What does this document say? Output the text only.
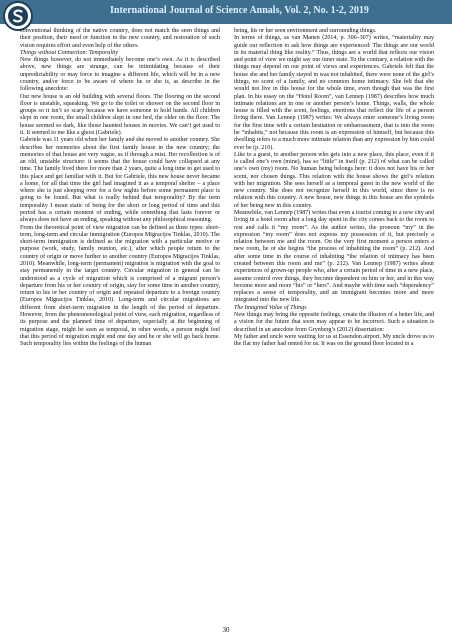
International Journal of Science Annals, Vol. 2, No. 1-2, 2019

conventional thinking of the native country, does not match the seen things and their position, their need or function in the new country, and restoration of such vision requires effort and even help of the others.

Things without Connection: Temporality

New things however, do not immediately become one’s own. As it is described above, new things are strange, can be intimidating because of their unpredictability or may force to imagine a different life, which will be in a new country, and/or force to be aware of where he or she is, as describe in the following anecdote:

Our new house is an old building with several floors. The flooring on the second floor is unstable, squeaking. We go to the toilet or shower on the second floor in groups so it isn’t so scary because we have someone to hold hands. All children slept in one room, the small children slept in one bed, the older on the floor. The house seemed so dark, like those haunted houses in movies. We can’t get used to it. It seemed to me like a ghost (Gabriele).

Gabriele was 11 years old when her family and she moved to another country. She describes her memories about the first family house in the new country; the memories of that house are very vague, as if through a mist. Her recollection is of an old, unstable structure: it seems that the house could have collapsed at any time. The family lived there for more than 2 years, quite a long time to get used to this place and get familiar with it. But for Gabriele, this new house never became a home, for all that time the girl had imagined it as a temporal shelter – a place where she is just sleeping over for a few nights before some permanent place is going to be found. But what is really behind that temporality? By the term temporality I mean static of being for the short or long period of time and this period has a certain moment of ending, while something that lasts forever or always does not have an ending, speaking without any philosophical reasoning.

From the theoretical point of view migration can be defined as three types: short-term, long-term and circular immigration (Europos Migracijos Tinklas, 2010). The short-term immigration is defined as the migration with a particular motive or purpose (work, study, family reunion, etc.), after which people return to the country of origin or move further to another country (Europos Migracijos Tinklas, 2010). Meanwhile, long-term (permanent) migration is migration with the goal to stay permanently in the target country. Circular migration in general can be understood as a cycle of migration which is comprised of a migrant person’s departure from his or her country of origin, stay for some time in another country, return to his or her country of origin and repeated departure to a foreign country (Europos Migracijos Tinklas, 2010). Long-term and circular migrations are different from short-term migration in the length of the period of departure. However, from the phenomenological point of view, each migration, regardless of its purpose and the planned time of departure, especially at the beginning of migration stage, might be seen as temporal, in other words, a person might feel that this period of migration might end one day and he or she will go back home. Such temporality lies within the feelings of the human

being, his or her seen environment and surrounding things.

In terms of things, as van Manen (2014, p. 306–307) writes, “materiality may guide our reflection to ask how things are experienced: The things are our world in its material thing like reality.” Thus, things are a world that reflects our vision and point of view we might say our inner state. To the contrary, a relation with the things may depend on our point of views and experiences. Gabriele felt that the house she and her family stayed in was not inhabited, there were none of the girl’s things, no scent of a family, and no common home intimacy. She felt that she would not live in this house for the whole time, even though that was the first plan. In his essay on the “Hotel Room”, van Lennep (1987) describes how much intimate relations are in one or another person’s home. Things, walls, the whole house is filled with the scent, feelings, emotions that reflect the life of a person living there. Van Lennep (1987) writes: We always enter someone’s living room for the first time with a certain hesitation or embarrassment, that is into the room he “inhabits,” not because this room is an expression of himself, but because this dwelling refers to a much more intimate relation than any expression by him could ever be (p. 210).

Like to a guest, to another person who gets into a new place, this place, even if it is called one’s own (mine), has so “little” in itself (p. 212) of what can be called one’s own (my) room. No human being belongs here: it does not have his or her scent, nor chosen things. This relation with the house shows the girl’s relation with her migration. She sees herself as a temporal guest in the new world of the new country. She does not recognize herself in this world, since there is no relation with this country. A new house, new things in this house are the symbols of her being new in this country.

Meanwhile, van Lennep (1987) writes that even a tourist coming to a new city and living in a hotel room after a long day spent in the city comes back to the room to rest and calls it “my room”. As the author writes, the pronoun “my” in the expression “my room” does not express my possession of it, but precisely a relation between me and the room. On the very first moment a person enters a new room, he or she begins “the process of inhabiting the room” (p. 212). And after some time in the course of inhabiting “the relation of intimacy has been created between this room and me” (p. 212). Van Lennep (1987) writes about experiences of grown-up people who, after a certain period of time in a new place, assume control over things, they become dependent on him or her, and in this way become more and more “his” or “hers”. And maybe with time such “dependency” replaces a sense of temporality, and an immigrant becomes more and more integrated into the new life.

The Imagined Value of Things

New things may bring the opposite feelings, create the illusion of a better life, and a vision for the future that soon may appear to be incorrect. Such a situation is described in an anecdote from Grynberg’s (2012) dissertation:

My father and uncle were waiting for us at Essendon airport. My uncle drove us to the flat my father had rented for us. It was on the ground floor located in a

30
